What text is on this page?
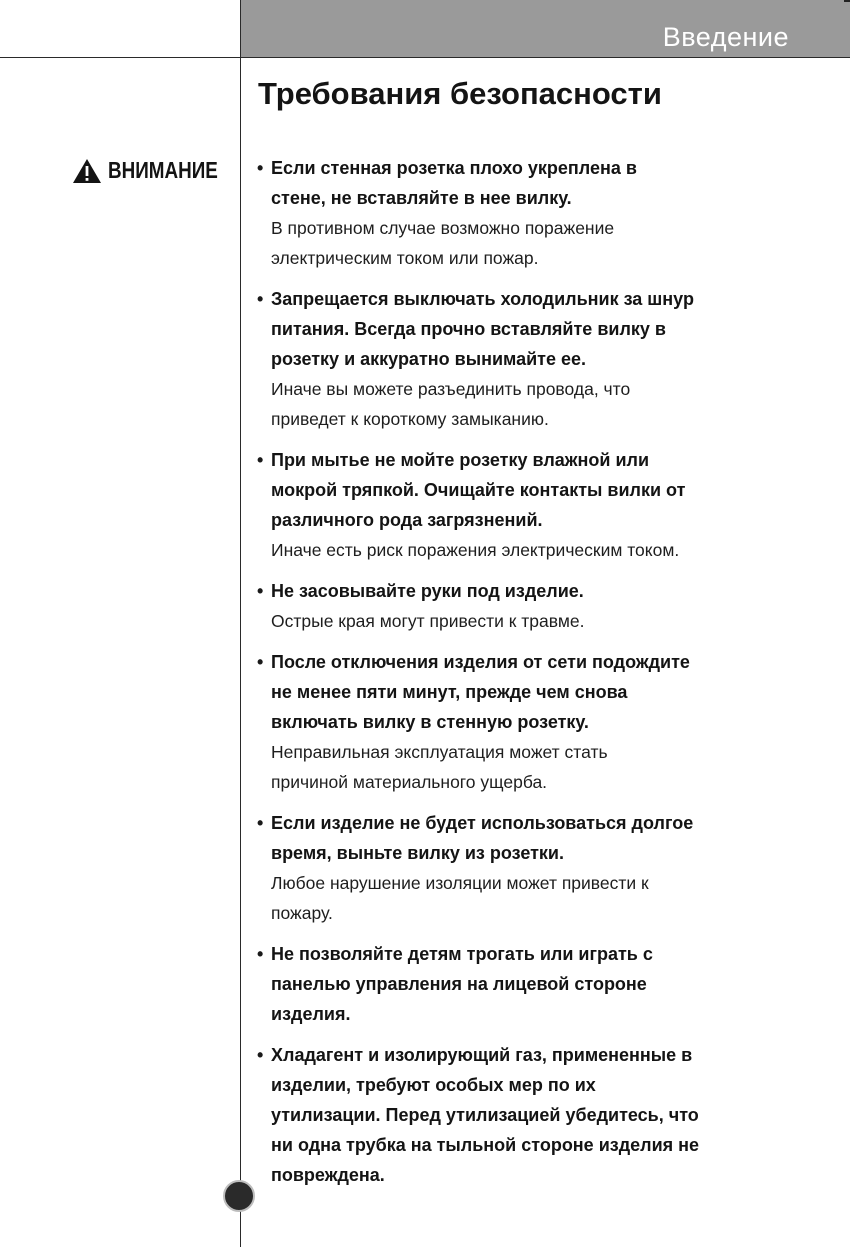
Введение
Требования безопасности
ВНИМАНИЕ • Если стенная розетка плохо укреплена в
стене, не вставляйте в нее вилку.
В противном случае возможно поражение
электрическим током или пожар.
• Запрещается выключать холодильник за шнур
питания. Всегда прочно вставляйте вилку в
розетку и аккуратно вынимайте ее.
Иначе вы можете разъединить провода, что
приведет к короткому замыканию.
• При мытье не мойте розетку влажной или
мокрой тряпкой. Очищайте контакты вилки от
различного рода загрязнений.
Иначе есть риск поражения электрическим током.
• Не засовывайте руки под изделие.
Острые края могут привести к травме.
• После отключения изделия от сети подождите
не менее пяти минут, прежде чем снова
включать вилку в стенную розетку.
Неправильная эксплуатация может стать
причиной материального ущерба.
• Если изделие не будет использоваться долгое
время, выньте вилку из розетки.
Любое нарушение изоляции может привести к
пожару.
• Не позволяйте детям трогать или играть с
панелью управления на лицевой стороне
изделия.
• Хладагент и изолирующий газ, примененные в
изделии, требуют особых мер по их
утилизации. Перед утилизацией убедитесь, что
ни одна трубка на тыльной стороне изделия не
повреждена.
